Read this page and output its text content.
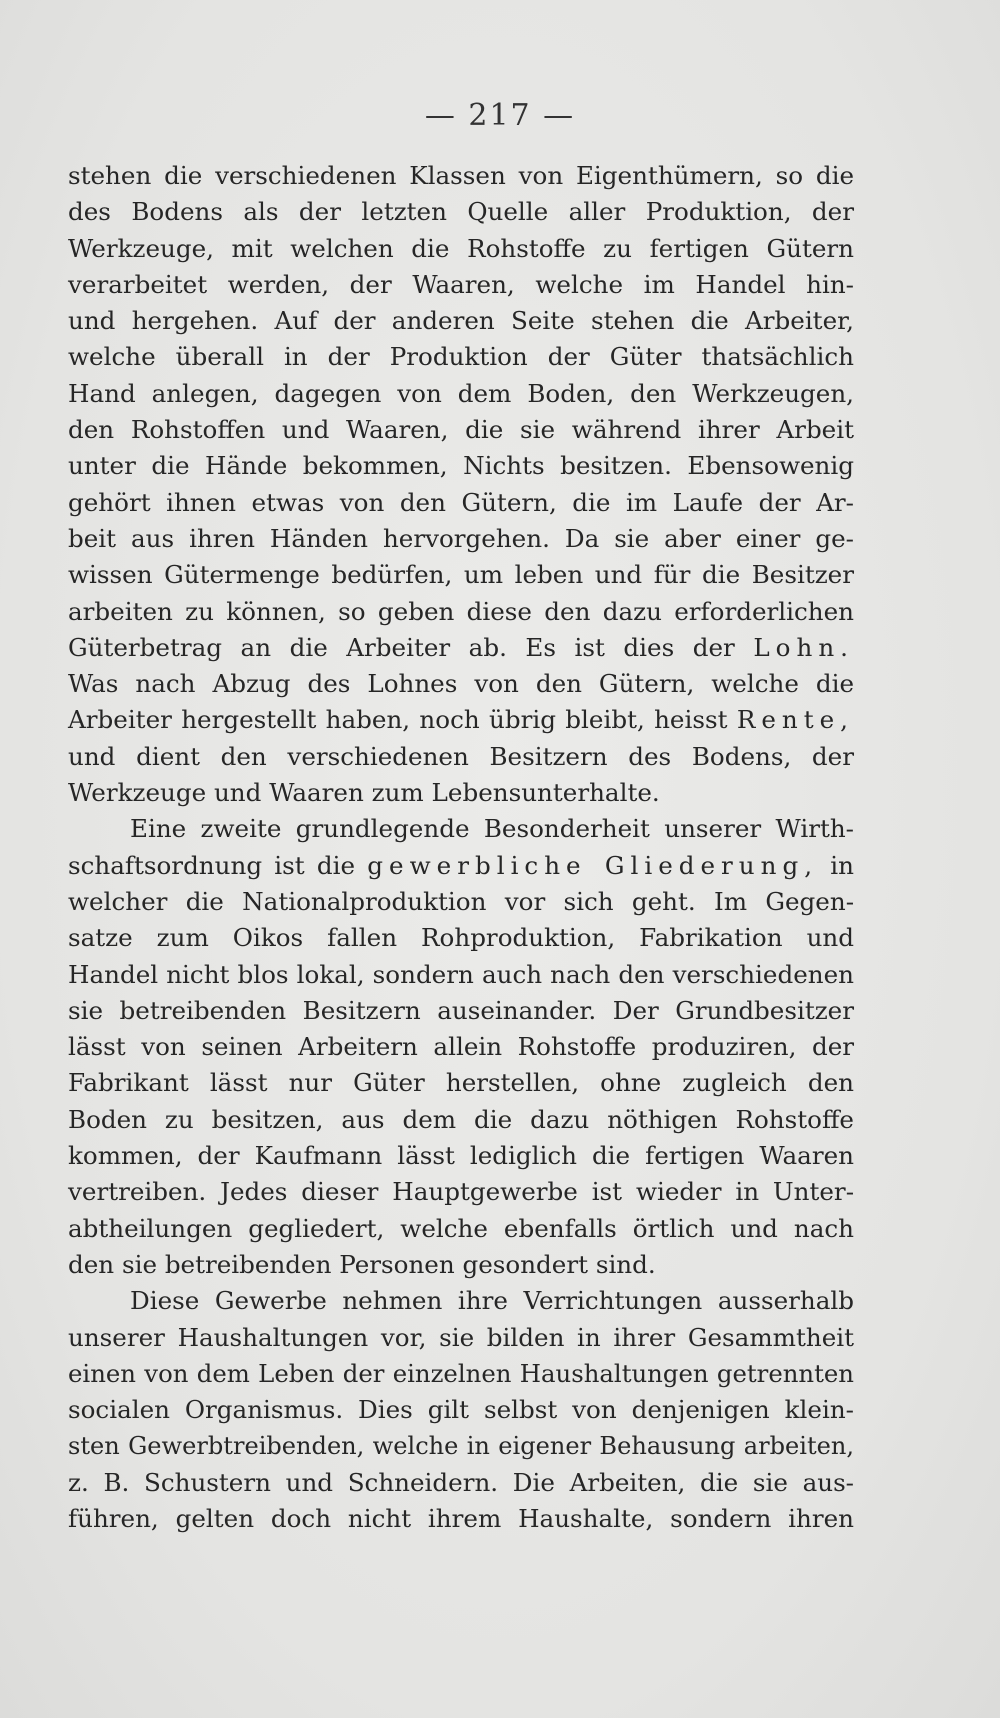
— 217 —
stehen die verschiedenen Klassen von Eigenthümern, so die
des Bodens als der letzten Quelle aller Produktion, der
Werkzeuge, mit welchen die Rohstoffe zu fertigen Gütern
verarbeitet werden, der Waaren, welche im Handel hin-
und hergehen. Auf der anderen Seite stehen die Arbeiter,
welche überall in der Produktion der Güter thatsächlich
Hand anlegen, dagegen von dem Boden, den Werkzeugen,
den Rohstoffen und Waaren, die sie während ihrer Arbeit
unter die Hände bekommen, Nichts besitzen. Ebensowenig
gehört ihnen etwas von den Gütern, die im Laufe der Ar-
beit aus ihren Händen hervorgehen. Da sie aber einer ge-
wissen Gütermenge bedürfen, um leben und für die Besitzer
arbeiten zu können, so geben diese den dazu erforderlichen
Güterbetrag an die Arbeiter ab. Es ist dies der Lohn.
Was nach Abzug des Lohnes von den Gütern, welche die
Arbeiter hergestellt haben, noch übrig bleibt, heisst Rente,
und dient den verschiedenen Besitzern des Bodens, der
Werkzeuge und Waaren zum Lebensunterhalte.
Eine zweite grundlegende Besonderheit unserer Wirth-
schaftsordnung ist die gewerbliche Gliederung, in
welcher die Nationalproduktion vor sich geht. Im Gegen-
satze zum Oikos fallen Rohproduktion, Fabrikation und
Handel nicht blos lokal, sondern auch nach den verschiedenen
sie betreibenden Besitzern auseinander. Der Grundbesitzer
lässt von seinen Arbeitern allein Rohstoffe produziren, der
Fabrikant lässt nur Güter herstellen, ohne zugleich den
Boden zu besitzen, aus dem die dazu nöthigen Rohstoffe
kommen, der Kaufmann lässt lediglich die fertigen Waaren
vertreiben. Jedes dieser Hauptgewerbe ist wieder in Unter-
abtheilungen gegliedert, welche ebenfalls örtlich und nach
den sie betreibenden Personen gesondert sind.
Diese Gewerbe nehmen ihre Verrichtungen ausserhalb
unserer Haushaltungen vor, sie bilden in ihrer Gesammtheit
einen von dem Leben der einzelnen Haushaltungen getrennten
socialen Organismus. Dies gilt selbst von denjenigen klein-
sten Gewerbtreibenden, welche in eigener Behausung arbeiten,
z. B. Schustern und Schneidern. Die Arbeiten, die sie aus-
führen, gelten doch nicht ihrem Haushalte, sondern ihren
